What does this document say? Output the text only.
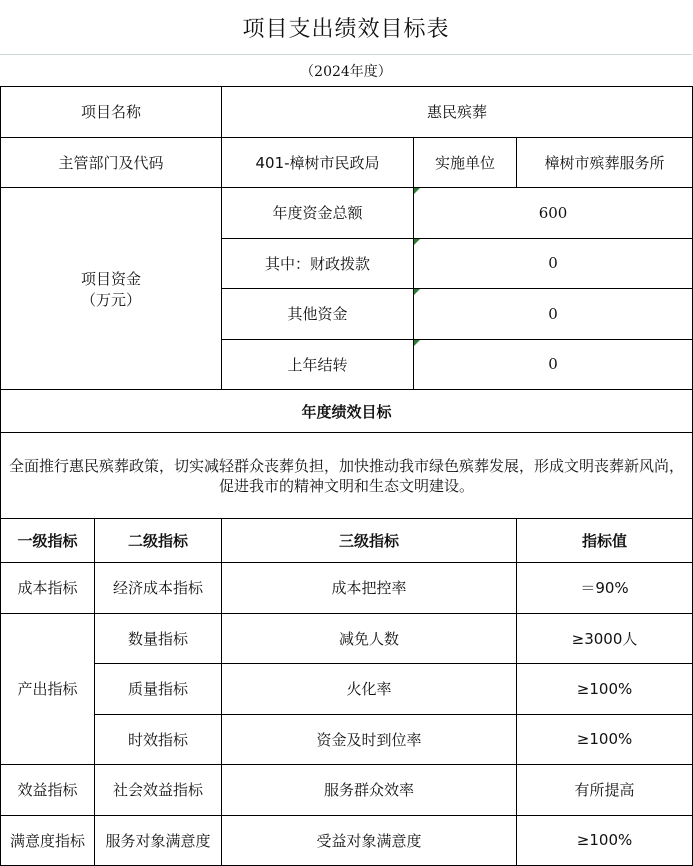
项目支出绩效目标表
（2024年度）
项目名称		惠民殡葬		
主管部门及代码		401-樟树市民政局	实施单位	樟树市殡葬服务所

项目资金
（万元）		年度资金总额	600	
		其中：财政拨款	0	
		其他资金	0	
		上年结转	0	
年度绩效目标				
全面推行惠民殡葬政策，切实减轻群众丧葬负担，加快推动我市绿色殡葬发展，形成文明丧葬新风尚，促进我市的精神文明和生态文明建设。				
一级指标	二级指标	三级指标		指标值
成本指标	经济成本指标	成本把控率		＝90%
产出指标	数量指标	减免人数		≥3000人
	质量指标	火化率		≥100%
	时效指标	资金及时到位率		≥100%
效益指标	社会效益指标	服务群众效率		有所提高
满意度指标	服务对象满意度	受益对象满意度		≥100%
